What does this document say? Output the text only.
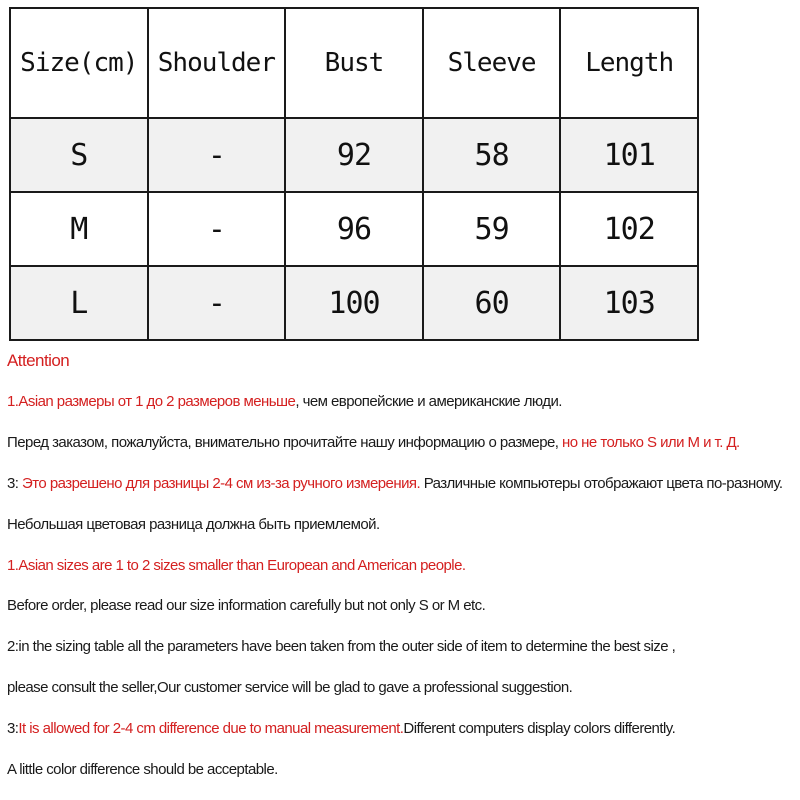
Size(cm)	Shoulder	Bust	Sleeve	Length
S	-	92	58	101
M	-	96	59	102
L	-	100	60	103
Attention
1.Asian размеры от 1 до 2 размеров меньше, чем европейские и американские люди.
Перед заказом, пожалуйста, внимательно прочитайте нашу информацию о размере, но не только S или M и т. Д.
3: Это разрешено для разницы 2-4 см из-за ручного измерения. Различные компьютеры отображают цвета по-разному.
Небольшая цветовая разница должна быть приемлемой.
1.Asian sizes are 1 to 2 sizes smaller than European and American people.
Before order, please read our size information carefully but not only S or M etc.
2:in the sizing table all the parameters have been taken from the outer side of item to determine the best size ,
please consult the seller,Our customer service will be glad to gave a professional suggestion.
3:It is allowed for 2-4 cm difference due to manual measurement.Different computers display colors differently.
A little color difference should be acceptable.
